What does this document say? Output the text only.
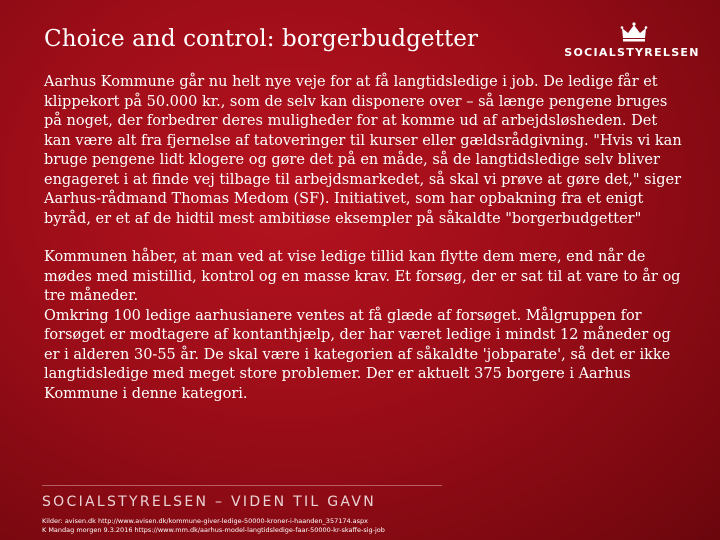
Choice and control: borgerbudgetter
SOCIALSTYRELSEN

Aarhus Kommune går nu helt nye veje for at få langtidsledige i job. De ledige får et klippekort på 50.000 kr., som de selv kan disponere over – så længe pengene bruges på noget, der forbedrer deres muligheder for at komme ud af arbejdsløsheden. Det kan være alt fra fjernelse af tatoveringer til kurser eller gældsrådgivning. "Hvis vi kan bruge pengene lidt klogere og gøre det på en måde, så de langtidsledige selv bliver engageret i at finde vej tilbage til arbejdsmarkedet, så skal vi prøve at gøre det," siger Aarhus-rådmand Thomas Medom (SF). Initiativet, som har opbakning fra et enigt byråd, er et af de hidtil mest ambitiøse eksempler på såkaldte "borgerbudgetter"

Kommunen håber, at man ved at vise ledige tillid kan flytte dem mere, end når de mødes med mistillid, kontrol og en masse krav. Et forsøg, der er sat til at vare to år og tre måneder.

Omkring 100 ledige aarhusianere ventes at få glæde af forsøget. Målgruppen for forsøget er modtagere af kontanthjælp, der har været ledige i mindst 12 måneder og er i alderen 30-55 år. De skal være i kategorien af såkaldte 'jobparate', så det er ikke langtidsledige med meget store problemer. Der er aktuelt 375 borgere i Aarhus Kommune i denne kategori.

SOCIALSTYRELSEN – VIDEN TIL GAVN
Kilder: avisen.dk http://www.avisen.dk/kommune-giver-ledige-50000-kroner-i-haanden_357174.aspx
K Mandag morgen 9.3.2016 https://www.mm.dk/aarhus-model-langtidsledige-faar-50000-kr-skaffe-sig-job
